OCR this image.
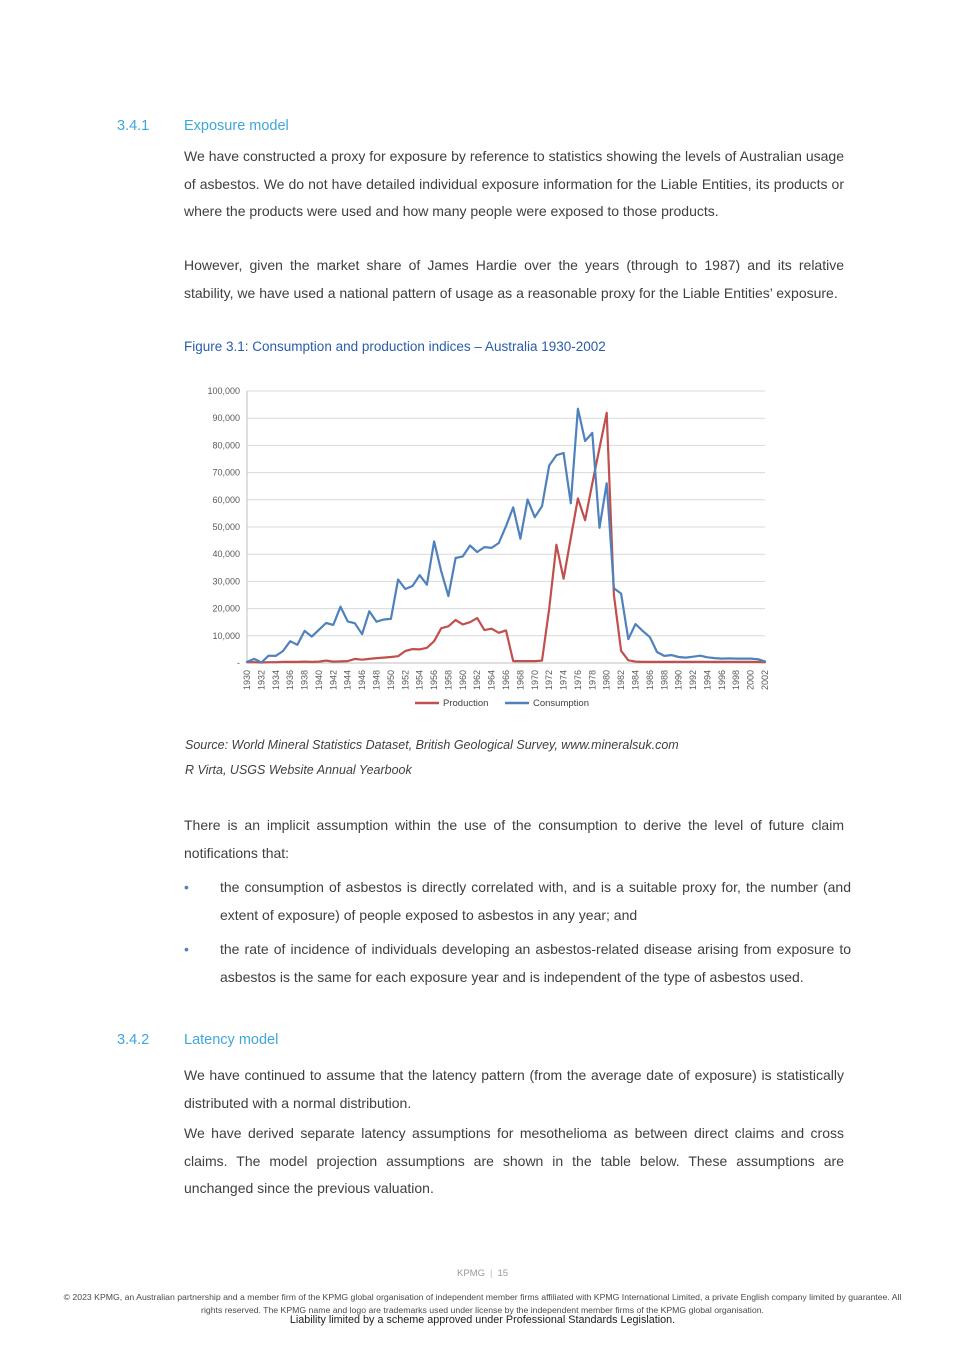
3.4.1	Exposure model
We have constructed a proxy for exposure by reference to statistics showing the levels of Australian usage of asbestos. We do not have detailed individual exposure information for the Liable Entities, its products or where the products were used and how many people were exposed to those products.
However, given the market share of James Hardie over the years (through to 1987) and its relative stability, we have used a national pattern of usage as a reasonable proxy for the Liable Entities’ exposure.
Figure 3.1: Consumption and production indices – Australia 1930-2002
-
10,000
20,000
30,000
40,000
50,000
60,000
70,000
80,000
90,000
100,000
1930 1932 1934 1936 1938 1940 1942 1944 1946 1948 1950 1952 1954 1956 1958 1960 1962 1964 1966 1968 1970 1972 1974 1976 1978 1980 1982 1984 1986 1988 1990 1992 1994 1996 1998 2000 2002
Production	Consumption
Source: World Mineral Statistics Dataset, British Geological Survey, www.mineralsuk.com
R Virta, USGS Website Annual Yearbook
There is an implicit assumption within the use of the consumption to derive the level of future claim notifications that:
•	the consumption of asbestos is directly correlated with, and is a suitable proxy for, the number (and extent of exposure) of people exposed to asbestos in any year; and
•	the rate of incidence of individuals developing an asbestos-related disease arising from exposure to asbestos is the same for each exposure year and is independent of the type of asbestos used.
3.4.2	Latency model
We have continued to assume that the latency pattern (from the average date of exposure) is statistically distributed with a normal distribution.
We have derived separate latency assumptions for mesothelioma as between direct claims and cross claims. The model projection assumptions are shown in the table below. These assumptions are unchanged since the previous valuation.
KPMG | 15
© 2023 KPMG, an Australian partnership and a member firm of the KPMG global organisation of independent member firms affiliated with KPMG International Limited, a private English company limited by guarantee. All rights reserved. The KPMG name and logo are trademarks used under license by the independent member firms of the KPMG global organisation.
Liability limited by a scheme approved under Professional Standards Legislation.
